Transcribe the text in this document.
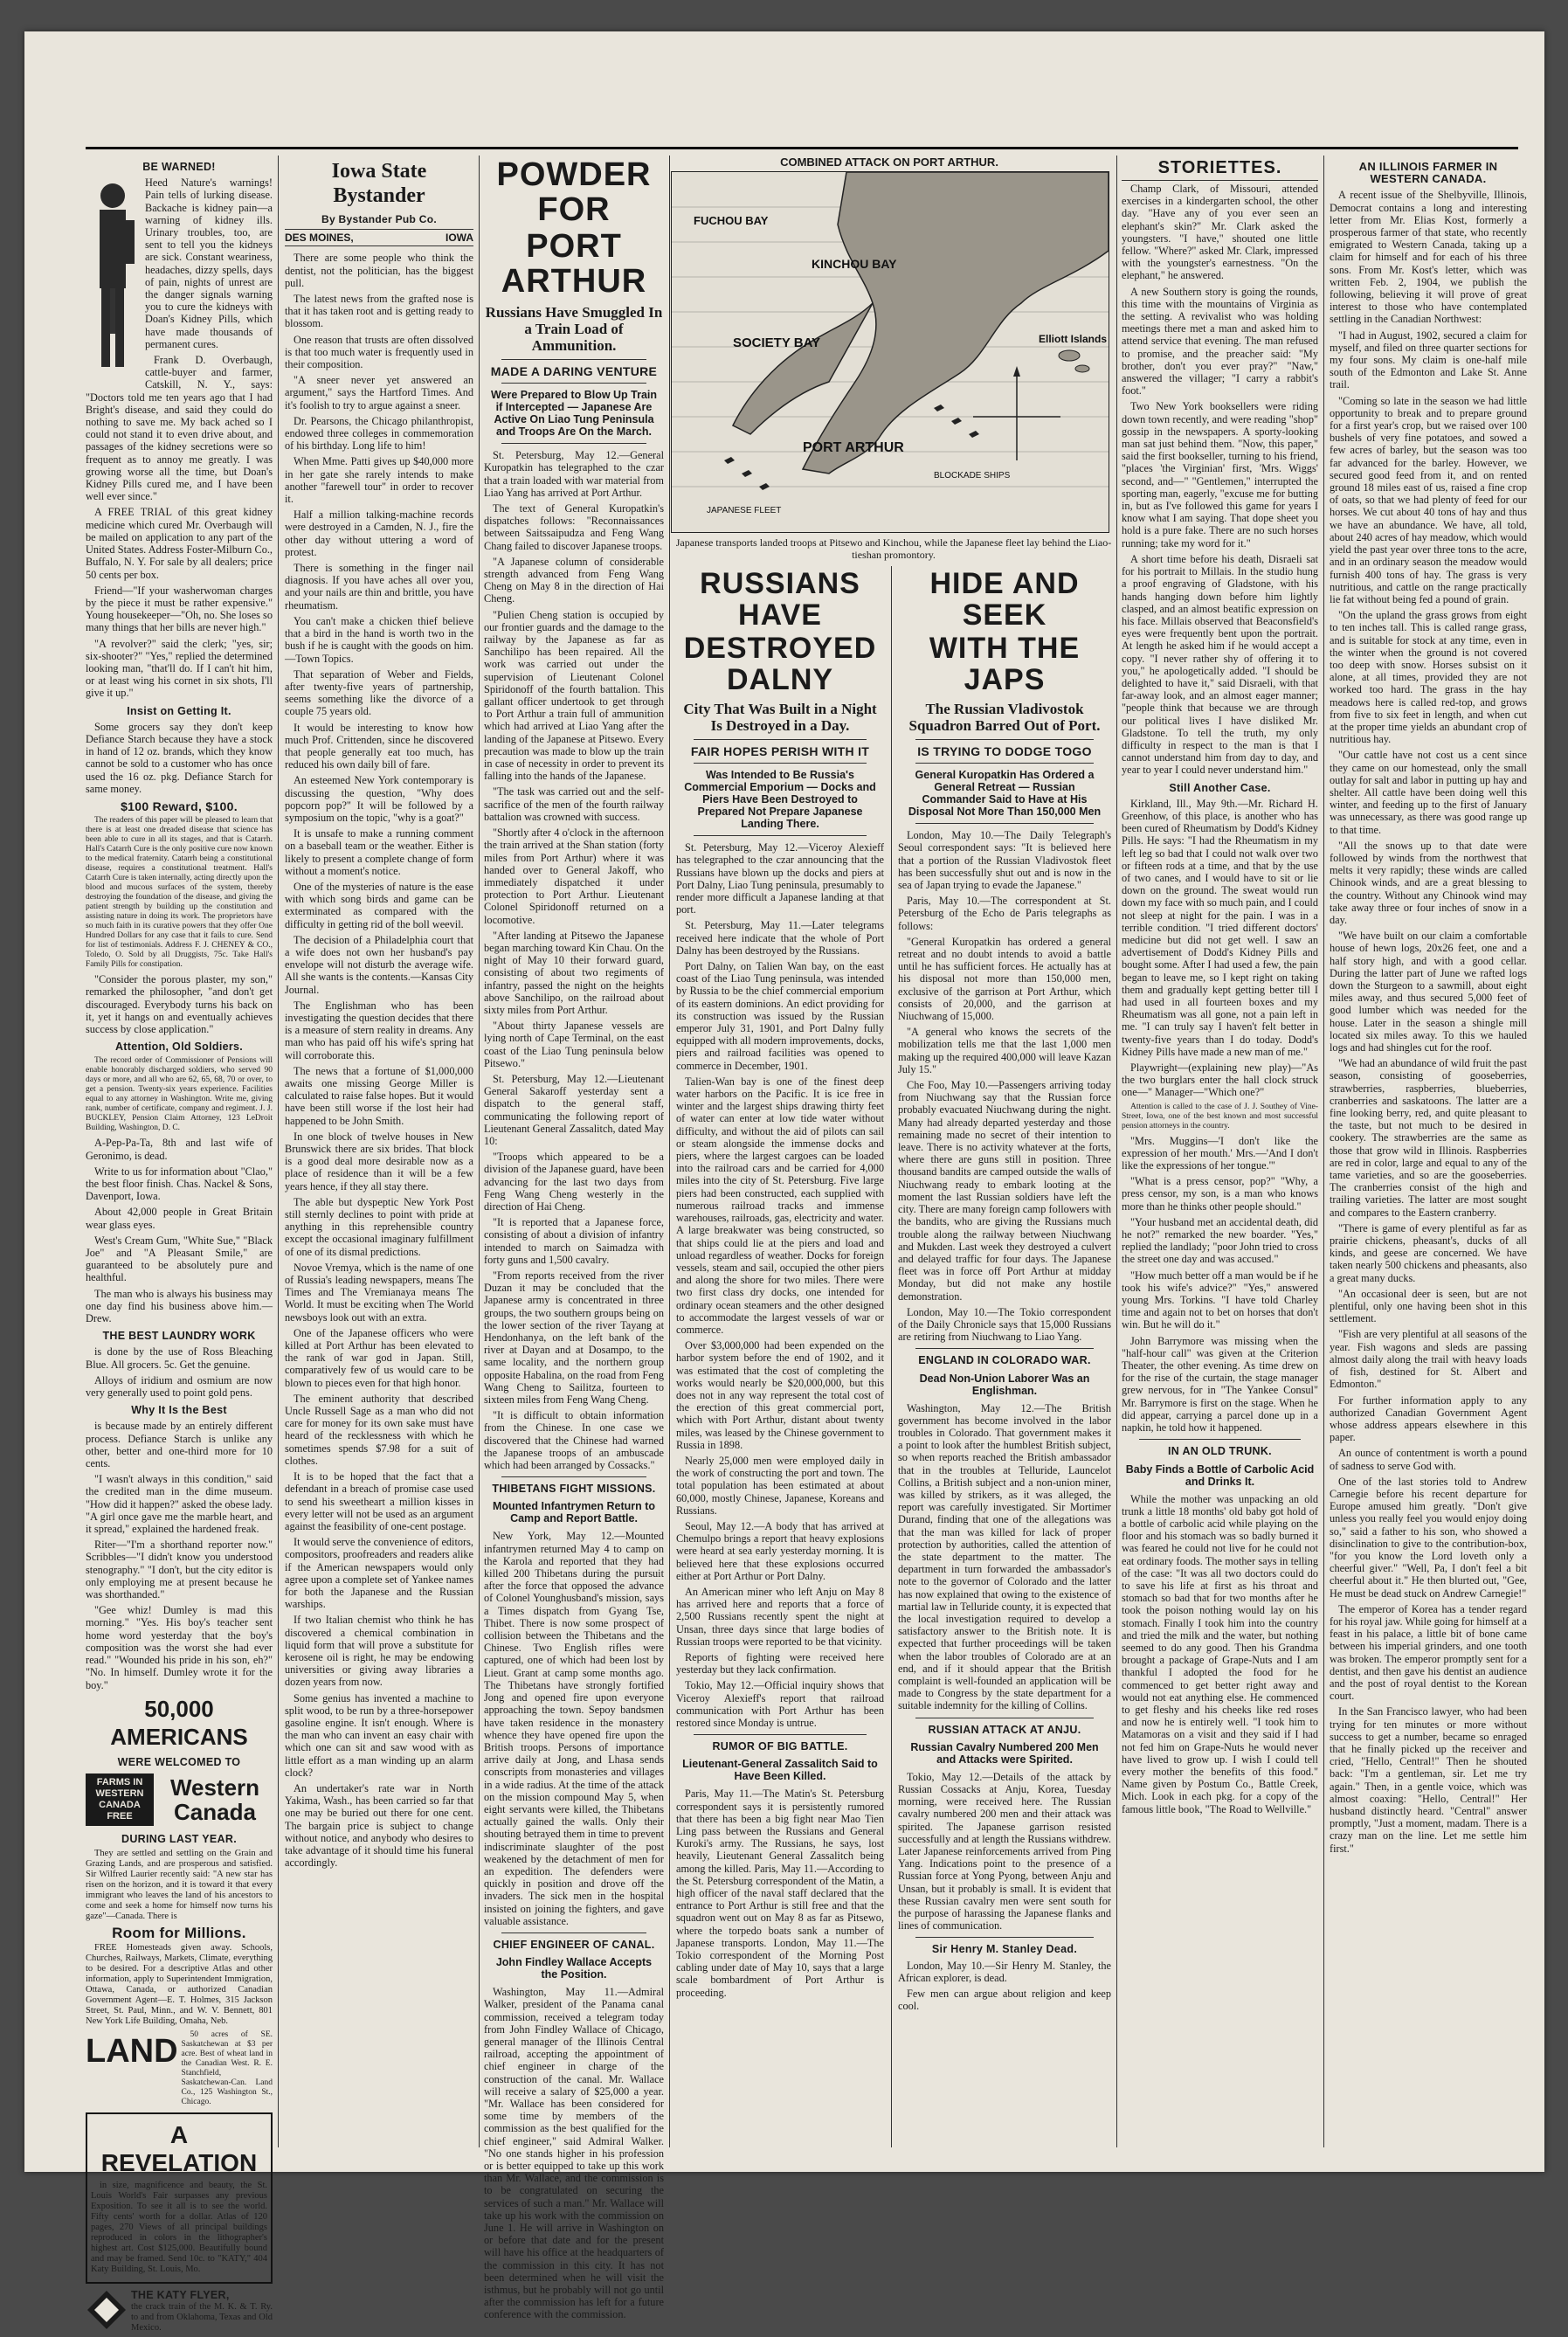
BE WARNED!

Heed Nature's warnings! Pain tells of lurking disease. Backache is kidney pain—a warning of kidney ills. Urinary troubles, too, are sent to tell you the kidneys are sick. Constant weariness, headaches, dizzy spells, days of pain, nights of unrest are the danger signals warning you to cure the kidneys with Doan's Kidney Pills, which have made thousands of permanent cures.

Frank D. Overbaugh, cattle-buyer and farmer, Catskill, N. Y., says: "Doctors told me ten years ago that I had Bright's disease, and said they could do nothing to save me. My back ached so I could not stand it to even drive about, and passages of the kidney secretions were so frequent as to annoy me greatly. I was growing worse all the time, but Doan's Kidney Pills cured me, and I have been well ever since."

A FREE TRIAL of this great kidney medicine which cured Mr. Overbaugh will be mailed on application to any part of the United States. Address Foster-Milburn Co., Buffalo, N. Y. For sale by all dealers; price 50 cents per box.

Friend—"If your washerwoman charges by the piece it must be rather expensive." Young housekeeper—"Oh, no. She loses so many things that her bills are never high."

"A revolver?" said the clerk; "yes, sir; six-shooter?" "Yes," replied the determined looking man, "that'll do. If I can't hit him, or at least wing his cornet in six shots, I'll give it up."

Insist on Getting It.

Some grocers say they don't keep Defiance Starch because they have a stock in hand of 12 oz. brands, which they know cannot be sold to a customer who has once used the 16 oz. pkg. Defiance Starch for same money.

$100 Reward, $100.

The readers of this paper will be pleased to learn that there is at least one dreaded disease that science has been able to cure in all its stages, and that is Catarrh. Hall's Catarrh Cure is the only positive cure now known to the medical fraternity. Catarrh being a constitutional disease, requires a constitutional treatment. Hall's Catarrh Cure is taken internally, acting directly upon the blood and mucous surfaces of the system, thereby destroying the foundation of the disease, and giving the patient strength by building up the constitution and assisting nature in doing its work. The proprietors have so much faith in its curative powers that they offer One Hundred Dollars for any case that it fails to cure. Send for list of testimonials. Address F. J. CHENEY & CO., Toledo, O. Sold by all Druggists, 75c. Take Hall's Family Pills for constipation.

"Consider the porous plaster, my son," remarked the philosopher, "and don't get discouraged. Everybody turns his back on it, yet it hangs on and eventually achieves success by close application."

Attention, Old Soldiers.

The record order of Commissioner of Pensions will enable honorably discharged soldiers, who served 90 days or more, and all who are 62, 65, 68, 70 or over, to get a pension. Twenty-six years experience. Facilities equal to any attorney in Washington. Write me, giving rank, number of certificate, company and regiment. J. J. BUCKLEY, Pension Claim Attorney, 123 LeDroit Building, Washington, D. C.

A-Pep-Pa-Ta, 8th and last wife of Geronimo, is dead.

Write to us for information about "Clao," the best floor finish. Chas. Nackel & Sons, Davenport, Iowa.

About 42,000 people in Great Britain wear glass eyes.

West's Cream Gum, "White Sue," "Black Joe" and "A Pleasant Smile," are guaranteed to be absolutely pure and healthful.

The man who is always his business may one day find his business above him.—Drew.

THE BEST LAUNDRY WORK

is done by the use of Ross Bleaching Blue. All grocers. 5c. Get the genuine.

Alloys of iridium and osmium are now very generally used to point gold pens.

Why It Is the Best

is because made by an entirely different process. Defiance Starch is unlike any other, better and one-third more for 10 cents.

"I wasn't always in this condition," said the credited man in the dime museum. "How did it happen?" asked the obese lady. "A girl once gave me the marble heart, and it spread," explained the hardened freak.

Riter—"I'm a shorthand reporter now." Scribbles—"I didn't know you understood stenography." "I don't, but the city editor is only employing me at present because he was shorthanded."

"Gee whiz! Dumley is mad this morning." "Yes. His boy's teacher sent home word yesterday that the boy's composition was the worst she had ever read." "Wounded his pride in his son, eh?" "No. In himself. Dumley wrote it for the boy."

50,000 AMERICANS
WERE WELCOMED TO
FARMS IN WESTERN CANADA FREE
Western Canada
DURING LAST YEAR.

They are settled and settling on the Grain and Grazing Lands, and are prosperous and satisfied. Sir Wilfred Laurier recently said: "A new star has risen on the horizon, and it is toward it that every immigrant who leaves the land of his ancestors to come and seek a home for himself now turns his gaze"—Canada. There is

Room for Millions.

FREE Homesteads given away. Schools, Churches, Railways, Markets, Climate, everything to be desired. For a descriptive Atlas and other information, apply to Superintendent Immigration, Ottawa, Canada, or authorized Canadian Government Agent—E. T. Holmes, 315 Jackson Street, St. Paul, Minn., and W. V. Bennett, 801 New York Life Building, Omaha, Neb.

LAND	50 acres of SE. Saskatchewan at $3 per acre. Best of wheat land in the Canadian West. R. E. Stanchfield, Saskatchewan-Can. Land Co., 125 Washington St., Chicago.

A REVELATION

in size, magnificence and beauty, the St. Louis World's Fair surpasses any previous Exposition. To see it all is to see the world. Fifty cents' worth for a dollar. Atlas of 120 pages, 270 Views of all principal buildings reproduced in colors in the lithographer's highest art. Cost $125,000. Beautifully bound and may be framed. Send 10c. to "KATY," 404 Katy Building, St. Louis, Mo.

THE KATY FLYER,

the crack train of the M. K. & T. Ry. to and from Oklahoma, Texas and Old Mexico.

Iowa State Bystander
By Bystander Pub Co.
DES MOINES,	IOWA

There are some people who think the dentist, not the politician, has the biggest pull.

The latest news from the grafted nose is that it has taken root and is getting ready to blossom.

One reason that trusts are often dissolved is that too much water is frequently used in their composition.

"A sneer never yet answered an argument," says the Hartford Times. And it's foolish to try to argue against a sneer.

Dr. Pearsons, the Chicago philanthropist, endowed three colleges in commemoration of his birthday. Long life to him!

When Mme. Patti gives up $40,000 more in her gate she rarely intends to make another "farewell tour" in order to recover it.

Half a million talking-machine records were destroyed in a Camden, N. J., fire the other day without uttering a word of protest.

There is something in the finger nail diagnosis. If you have aches all over you, and your nails are thin and brittle, you have rheumatism.

You can't make a chicken thief believe that a bird in the hand is worth two in the bush if he is caught with the goods on him.—Town Topics.

That separation of Weber and Fields, after twenty-five years of partnership, seems something like the divorce of a couple 75 years old.

It would be interesting to know how much Prof. Crittenden, since he discovered that people generally eat too much, has reduced his own daily bill of fare.

An esteemed New York contemporary is discussing the question, "Why does popcorn pop?" It will be followed by a symposium on the topic, "why is a goat?"

It is unsafe to make a running comment on a baseball team or the weather. Either is likely to present a complete change of form without a moment's notice.

One of the mysteries of nature is the ease with which song birds and game can be exterminated as compared with the difficulty in getting rid of the boll weevil.

The decision of a Philadelphia court that a wife does not own her husband's pay envelope will not disturb the average wife. All she wants is the contents.—Kansas City Journal.

The Englishman who has been investigating the question decides that there is a measure of stern reality in dreams. Any man who has paid off his wife's spring hat will corroborate this.

The news that a fortune of $1,000,000 awaits one missing George Miller is calculated to raise false hopes. But it would have been still worse if the lost heir had happened to be John Smith.

In one block of twelve houses in New Brunswick there are six brides. That block is a good deal more desirable now as a place of residence than it will be a few years hence, if they all stay there.

The able but dyspeptic New York Post still sternly declines to point with pride at anything in this reprehensible country except the occasional imaginary fulfillment of one of its dismal predictions.

Novoe Vremya, which is the name of one of Russia's leading newspapers, means The Times and The Vremianaya means The World. It must be exciting when The World newsboys look out with an extra.

One of the Japanese officers who were killed at Port Arthur has been elevated to the rank of war god in Japan. Still, comparatively few of us would care to be blown to pieces even for that high honor.

The eminent authority that described Uncle Russell Sage as a man who did not care for money for its own sake must have heard of the recklessness with which he sometimes spends $7.98 for a suit of clothes.

It is to be hoped that the fact that a defendant in a breach of promise case used to send his sweetheart a million kisses in every letter will not be used as an argument against the feasibility of one-cent postage.

It would serve the convenience of editors, compositors, proofreaders and readers alike if the American newspapers would only agree upon a complete set of Yankee names for both the Japanese and the Russian warships.

If two Italian chemist who think he has discovered a chemical combination in liquid form that will prove a substitute for kerosene oil is right, he may be endowing universities or giving away libraries a dozen years from now.

Some genius has invented a machine to split wood, to be run by a three-horsepower gasoline engine. It isn't enough. Where is the man who can invent an easy chair with which one can sit and saw wood with as little effort as a man winding up an alarm clock?

An undertaker's rate war in North Yakima, Wash., has been carried so far that one may be buried out there for one cent. The bargain price is subject to change without notice, and anybody who desires to take advantage of it should time his funeral accordingly.

POWDER FOR
PORT ARTHUR
Russians Have Smuggled In a Train Load of Ammunition.
MADE A DARING VENTURE
Were Prepared to Blow Up Train if Intercepted — Japanese Are Active On Liao Tung Peninsula and Troops Are On the March.

St. Petersburg, May 12.—General Kuropatkin has telegraphed to the czar that a train loaded with war material from Liao Yang has arrived at Port Arthur.

The text of General Kuropatkin's dispatches follows: "Reconnaissances between Saitssaipudza and Feng Wang Chang failed to discover Japanese troops.

"A Japanese column of considerable strength advanced from Feng Wang Cheng on May 8 in the direction of Hai Cheng.

"Pulien Cheng station is occupied by our frontier guards and the damage to the railway by the Japanese as far as Sanchilipo has been repaired. All the work was carried out under the supervision of Lieutenant Colonel Spiridonoff of the fourth battalion. This gallant officer undertook to get through to Port Arthur a train full of ammunition which had arrived at Liao Yang after the landing of the Japanese at Pitsewo. Every precaution was made to blow up the train in case of necessity in order to prevent its falling into the hands of the Japanese.

"The task was carried out and the self-sacrifice of the men of the fourth railway battalion was crowned with success.

"Shortly after 4 o'clock in the afternoon the train arrived at the Shan station (forty miles from Port Arthur) where it was handed over to General Jakoff, who immediately dispatched it under protection to Port Arthur. Lieutenant Colonel Spiridonoff returned on a locomotive.

"After landing at Pitsewo the Japanese began marching toward Kin Chau. On the night of May 10 their forward guard, consisting of about two regiments of infantry, passed the night on the heights above Sanchilipo, on the railroad about sixty miles from Port Arthur.

"About thirty Japanese vessels are lying north of Cape Terminal, on the east coast of the Liao Tung peninsula below Pitsewo."

St. Petersburg, May 12.—Lieutenant General Sakaroff yesterday sent a dispatch to the general staff, communicating the following report of Lieutenant General Zassalitch, dated May 10:

"Troops which appeared to be a division of the Japanese guard, have been advancing for the last two days from Feng Wang Cheng westerly in the direction of Hai Cheng.

"It is reported that a Japanese force, consisting of about a division of infantry intended to march on Saimadza with forty guns and 1,500 cavalry.

"From reports received from the river Duzan it may be concluded that the Japanese army is concentrated in three groups, the two southern groups being on the lower section of the river Tayang at Hendonhanya, on the left bank of the river at Dayan and at Dosampo, to the same locality, and the northern group opposite Habalina, on the road from Feng Wang Cheng to Sailitza, fourteen to sixteen miles from Feng Wang Cheng.

"It is difficult to obtain information from the Chinese. In one case we discovered that the Chinese had warned the Japanese troops of an ambuscade which had been arranged by Cossacks."

THIBETANS FIGHT MISSIONS.
Mounted Infantrymen Return to Camp and Report Battle.

New York, May 12.—Mounted infantrymen returned May 4 to camp on the Karola and reported that they had killed 200 Thibetans during the pursuit after the force that opposed the advance of Colonel Younghusband's mission, says a Times dispatch from Gyang Tse, Thibet. There is now some prospect of collision between the Thibetans and the Chinese. Two English rifles were captured, one of which had been lost by Lieut. Grant at camp some months ago. The Thibetans have strongly fortified Jong and opened fire upon everyone approaching the town. Sepoy bandsmen have taken residence in the monastery whence they have opened fire upon the British troops. Persons of importance arrive daily at Jong, and Lhasa sends conscripts from monasteries and villages in a wide radius. At the time of the attack on the mission compound May 5, when eight servants were killed, the Thibetans actually gained the walls. Only their shouting betrayed them in time to prevent indiscriminate slaughter of the post weakened by the detachment of men for an expedition. The defenders were quickly in position and drove off the invaders. The sick men in the hospital insisted on joining the fighters, and gave valuable assistance.

CHIEF ENGINEER OF CANAL.
John Findley Wallace Accepts the Position.

Washington, May 11.—Admiral Walker, president of the Panama canal commission, received a telegram today from John Findley Wallace of Chicago, general manager of the Illinois Central railroad, accepting the appointment of chief engineer in charge of the construction of the canal. Mr. Wallace will receive a salary of $25,000 a year. "Mr. Wallace has been considered for some time by members of the commission as the best qualified for the chief engineer," said Admiral Walker. "No one stands higher in his profession or is better equipped to take up this work than Mr. Wallace, and the commission is to be congratulated on securing the services of such a man." Mr. Wallace will take up his work with the commission on June 1. He will arrive in Washington on or before that date and for the present will have his office at the headquarters of the commission in this city. It has not been determined when he will visit the isthmus, but he probably will not go until after the commission has left for a future conference with the commission.

COMBINED ATTACK ON PORT ARTHUR.
FUCHOU BAY
SOCIETY BAY
KINCHOU BAY
Elliott Islands
PORT ARTHUR
JAPANESE FLEET
BLOCKADE SHIPS
Japanese transports landed troops at Pitsewo and Kinchou, while the Japanese fleet lay behind the Liao-tieshan promontory.
RUSSIANS HAVE
DESTROYED DALNY
City That Was Built in a Night Is Destroyed in a Day.
FAIR HOPES PERISH WITH IT
Was Intended to Be Russia's Commercial Emporium — Docks and Piers Have Been Destroyed to Prepared Not Prepare Japanese Landing There.

St. Petersburg, May 12.—Viceroy Alexieff has telegraphed to the czar announcing that the Russians have blown up the docks and piers at Port Dalny, Liao Tung peninsula, presumably to render more difficult a Japanese landing at that port.

St. Petersburg, May 11.—Later telegrams received here indicate that the whole of Port Dalny has been destroyed by the Russians.

Port Dalny, on Talien Wan bay, on the east coast of the Liao Tung peninsula, was intended by Russia to be the chief commercial emporium of its eastern dominions. An edict providing for its construction was issued by the Russian emperor July 31, 1901, and Port Dalny fully equipped with all modern improvements, docks, piers and railroad facilities was opened to commerce in December, 1901.

Talien-Wan bay is one of the finest deep water harbors on the Pacific. It is ice free in winter and the largest ships drawing thirty feet of water can enter at low tide water without difficulty, and without the aid of pilots can sail or steam alongside the immense docks and piers, where the largest cargoes can be loaded into the railroad cars and be carried for 4,000 miles into the city of St. Petersburg. Five large piers had been constructed, each supplied with numerous railroad tracks and immense warehouses, railroads, gas, electricity and water. A large breakwater was being constructed, so that ships could lie at the piers and load and unload regardless of weather. Docks for foreign vessels, steam and sail, occupied the other piers and along the shore for two miles. There were two first class dry docks, one intended for ordinary ocean steamers and the other designed to accommodate the largest vessels of war or commerce.

Over $3,000,000 had been expended on the harbor system before the end of 1902, and it was estimated that the cost of completing the works would nearly be $20,000,000, but this does not in any way represent the total cost of the erection of this great commercial port, which with Port Arthur, distant about twenty miles, was leased by the Chinese government to Russia in 1898.

Nearly 25,000 men were employed daily in the work of constructing the port and town. The total population has been estimated at about 60,000, mostly Chinese, Japanese, Koreans and Russians.

Seoul, May 12.—A body that has arrived at Chemulpo brings a report that heavy explosions were heard at sea early yesterday morning. It is believed here that these explosions occurred either at Port Arthur or Port Dalny.

An American miner who left Anju on May 8 has arrived here and reports that a force of 2,500 Russians recently spent the night at Unsan, three days since that large bodies of Russian troops were reported to be that vicinity.

Reports of fighting were received here yesterday but they lack confirmation.

Tokio, May 12.—Official inquiry shows that Viceroy Alexieff's report that railroad communication with Port Arthur has been restored since Monday is untrue.

RUMOR OF BIG BATTLE.
Lieutenant-General Zassalitch Said to Have Been Killed.

Paris, May 11.—The Matin's St. Petersburg correspondent says it is persistently rumored that there has been a big fight near Mao Tien Ling pass between the Russians and General Kuroki's army. The Russians, he says, lost heavily, Lieutenant General Zassalitch being among the killed. Paris, May 11.—According to the St. Petersburg correspondent of the Matin, a high officer of the naval staff declared that the entrance to Port Arthur is still free and that the squadron went out on May 8 as far as Pitsewo, where the torpedo boats sank a number of Japanese transports. London, May 11.—The Tokio correspondent of the Morning Post cabling under date of May 10, says that a large scale bombardment of Port Arthur is proceeding.

HIDE AND SEEK
WITH THE JAPS
The Russian Vladivostok Squadron Barred Out of Port.
IS TRYING TO DODGE TOGO
General Kuropatkin Has Ordered a General Retreat — Russian Commander Said to Have at His Disposal Not More Than 150,000 Men

London, May 10.—The Daily Telegraph's Seoul correspondent says: "It is believed here that a portion of the Russian Vladivostok fleet has been successfully shut out and is now in the sea of Japan trying to evade the Japanese."

Paris, May 10.—The correspondent at St. Petersburg of the Echo de Paris telegraphs as follows:

"General Kuropatkin has ordered a general retreat and no doubt intends to avoid a battle until he has sufficient forces. He actually has at his disposal not more than 150,000 men, exclusive of the garrison at Port Arthur, which consists of 20,000, and the garrison at Niuchwang of 15,000.

"A general who knows the secrets of the mobilization tells me that the last 1,000 men making up the required 400,000 will leave Kazan July 15."

Che Foo, May 10.—Passengers arriving today from Niuchwang say that the Russian force probably evacuated Niuchwang during the night. Many had already departed yesterday and those remaining made no secret of their intention to leave. There is no activity whatever at the forts, where there are guns still in position. Three thousand bandits are camped outside the walls of Niuchwang ready to embark looting at the moment the last Russian soldiers have left the city. There are many foreign camp followers with the bandits, who are giving the Russians much trouble along the railway between Niuchwang and Mukden. Last week they destroyed a culvert and delayed traffic for four days. The Japanese fleet was in force off Port Arthur at midday Monday, but did not make any hostile demonstration.

London, May 10.—The Tokio correspondent of the Daily Chronicle says that 15,000 Russians are retiring from Niuchwang to Liao Yang.

ENGLAND IN COLORADO WAR.
Dead Non-Union Laborer Was an Englishman.

Washington, May 12.—The British government has become involved in the labor troubles in Colorado. That government makes it a point to look after the humblest British subject, so when reports reached the British ambassador that in the troubles at Telluride, Launcelot Collins, a British subject and a non-union miner, was killed by strikers, as it was alleged, the report was carefully investigated. Sir Mortimer Durand, finding that one of the allegations was that the man was killed for lack of proper protection by authorities, called the attention of the state department to the matter. The department in turn forwarded the ambassador's note to the governor of Colorado and the latter has now explained that owing to the existence of martial law in Telluride county, it is expected that the local investigation required to develop a satisfactory answer to the British note. It is expected that further proceedings will be taken when the labor troubles of Colorado are at an end, and if it should appear that the British complaint is well-founded an application will be made to Congress by the state department for a suitable indemnity for the killing of Collins.

RUSSIAN ATTACK AT ANJU.
Russian Cavalry Numbered 200 Men and Attacks were Spirited.

Tokio, May 12.—Details of the attack by Russian Cossacks at Anju, Korea, Tuesday morning, were received here. The Russian cavalry numbered 200 men and their attack was spirited. The Japanese garrison resisted successfully and at length the Russians withdrew. Later Japanese reinforcements arrived from Ping Yang. Indications point to the presence of a Russian force at Yong Pyong, between Anju and Unsan, but it probably is small. It is evident that these Russian cavalry men were sent south for the purpose of harassing the Japanese flanks and lines of communication.

Sir Henry M. Stanley Dead.

London, May 10.—Sir Henry M. Stanley, the African explorer, is dead.

Few men can argue about religion and keep cool.

STORIETTES.

Champ Clark, of Missouri, attended exercises in a kindergarten school, the other day. "Have any of you ever seen an elephant's skin?" Mr. Clark asked the youngsters. "I have," shouted one little fellow. "Where?" asked Mr. Clark, impressed with the youngster's earnestness. "On the elephant," he answered.

A new Southern story is going the rounds, this time with the mountains of Virginia as the setting. A revivalist who was holding meetings there met a man and asked him to attend service that evening. The man refused to promise, and the preacher said: "My brother, don't you ever pray?" "Naw," answered the villager; "I carry a rabbit's foot."

Two New York booksellers were riding down town recently, and were reading "shop" gossip in the newspapers. A sporty-looking man sat just behind them. "Now, this paper," said the first bookseller, turning to his friend, "places 'the Virginian' first, 'Mrs. Wiggs' second, and—" "Gentlemen," interrupted the sporting man, eagerly, "excuse me for butting in, but as I've followed this game for years I know what I am saying. That dope sheet you hold is a pure fake. There are no such horses running; take my word for it."

A short time before his death, Disraeli sat for his portrait to Millais. In the studio hung a proof engraving of Gladstone, with his hands hanging down before him lightly clasped, and an almost beatific expression on his face. Millais observed that Beaconsfield's eyes were frequently bent upon the portrait. At length he asked him if he would accept a copy. "I never rather shy of offering it to you," he apologetically added. "I should be delighted to have it," said Disraeli, with that far-away look, and an almost eager manner; "people think that because we are through our political lives I have disliked Mr. Gladstone. To tell the truth, my only difficulty in respect to the man is that I cannot understand him from day to day, and year to year I could never understand him."

Still Another Case.

Kirkland, Ill., May 9th.—Mr. Richard H. Greenhow, of this place, is another who has been cured of Rheumatism by Dodd's Kidney Pills. He says: "I had the Rheumatism in my left leg so bad that I could not walk over two or fifteen rods at a time, and that by the use of two canes, and I would have to sit or lie down on the ground. The sweat would run down my face with so much pain, and I could not sleep at night for the pain. I was in a terrible condition. "I tried different doctors' medicine but did not get well. I saw an advertisement of Dodd's Kidney Pills and bought some. After I had used a few, the pain began to leave me, so I kept right on taking them and gradually kept getting better till I had used in all fourteen boxes and my Rheumatism was all gone, not a pain left in me. "I can truly say I haven't felt better in twenty-five years than I do today. Dodd's Kidney Pills have made a new man of me."

Playwright—(explaining new play)—"As the two burglars enter the hall clock struck one—" Manager—"Which one?"

Attention is called to the case of J. J. Southey of Vine-Street, Iowa, one of the best known and most successful pension attorneys in the country.

"Mrs. Muggins—'I don't like the expression of her mouth.' Mrs.—'And I don't like the expressions of her tongue.'"

"What is a press censor, pop?" "Why, a press censor, my son, is a man who knows more than he thinks other people should."

"Your husband met an accidental death, did he not?" remarked the new boarder. "Yes," replied the landlady; "poor John tried to cross the street one day and was accused."

"How much better off a man would be if he took his wife's advice?" "Yes," answered young Mrs. Torkins. "I have told Charley time and again not to bet on horses that don't win. But he will do it."

John Barrymore was missing when the "half-hour call" was given at the Criterion Theater, the other evening. As time drew on for the rise of the curtain, the stage manager grew nervous, for in "The Yankee Consul" Mr. Barrymore is first on the stage. When he did appear, carrying a parcel done up in a napkin, he told how it happened.

IN AN OLD TRUNK.
Baby Finds a Bottle of Carbolic Acid and Drinks It.

While the mother was unpacking an old trunk a little 18 months' old baby got hold of a bottle of carbolic acid while playing on the floor and his stomach was so badly burned it was feared he could not live for he could not eat ordinary foods. The mother says in telling of the case: "It was all two doctors could do to save his life at first as his throat and stomach so bad that for two months after he took the poison nothing would lay on his stomach. Finally I took him into the country and tried the milk and the water, but nothing seemed to do any good. Then his Grandma brought a package of Grape-Nuts and I am thankful I adopted the food for he commenced to get better right away and would not eat anything else. He commenced to get fleshy and his cheeks like red roses and now he is entirely well. "I took him to Matamoras on a visit and they said if I had not fed him on Grape-Nuts he would never have lived to grow up. I wish I could tell every mother the benefits of this food." Name given by Postum Co., Battle Creek, Mich. Look in each pkg. for a copy of the famous little book, "The Road to Wellville."

AN ILLINOIS FARMER IN WESTERN CANADA.

A recent issue of the Shelbyville, Illinois, Democrat contains a long and interesting letter from Mr. Elias Kost, formerly a prosperous farmer of that state, who recently emigrated to Western Canada, taking up a claim for himself and for each of his three sons. From Mr. Kost's letter, which was written Feb. 2, 1904, we publish the following, believing it will prove of great interest to those who have contemplated settling in the Canadian Northwest:

"I had in August, 1902, secured a claim for myself, and filed on three quarter sections for my four sons. My claim is one-half mile south of the Edmonton and Lake St. Anne trail.

"Coming so late in the season we had little opportunity to break and to prepare ground for a first year's crop, but we raised over 100 bushels of very fine potatoes, and sowed a few acres of barley, but the season was too far advanced for the barley. However, we secured good feed from it, and on rented ground 18 miles east of us, raised a fine crop of oats, so that we had plenty of feed for our horses. We cut about 40 tons of hay and thus we have an abundance. We have, all told, about 240 acres of hay meadow, which would yield the past year over three tons to the acre, and in an ordinary season the meadow would furnish 400 tons of hay. The grass is very nutritious, and cattle on the range practically lie fat without being fed a pound of grain.

"On the upland the grass grows from eight to ten inches tall. This is called range grass, and is suitable for stock at any time, even in the winter when the ground is not covered too deep with snow. Horses subsist on it alone, at all times, provided they are not worked too hard. The grass in the hay meadows here is called red-top, and grows from five to six feet in length, and when cut at the proper time yields an abundant crop of nutritious hay.

"Our cattle have not cost us a cent since they came on our homestead, only the small outlay for salt and labor in putting up hay and shelter. All cattle have been doing well this winter, and feeding up to the first of January was unnecessary, as there was good range up to that time.

"All the snows up to that date were followed by winds from the northwest that melts it very rapidly; these winds are called Chinook winds, and are a great blessing to the country. Without any Chinook wind may take away three or four inches of snow in a day.

"We have built on our claim a comfortable house of hewn logs, 20x26 feet, one and a half story high, and with a good cellar. During the latter part of June we rafted logs down the Sturgeon to a sawmill, about eight miles away, and thus secured 5,000 feet of good lumber which was needed for the house. Later in the season a shingle mill located six miles away. To this we hauled logs and had shingles cut for the roof.

"We had an abundance of wild fruit the past season, consisting of gooseberries, strawberries, raspberries, blueberries, cranberries and saskatoons. The latter are a fine looking berry, red, and quite pleasant to the taste, but not much to be desired in cookery. The strawberries are the same as those that grow wild in Illinois. Raspberries are red in color, large and equal to any of the tame varieties, and so are the gooseberries. The cranberries consist of the high and trailing varieties. The latter are most sought and compares to the Eastern cranberry.

"There is game of every plentiful as far as prairie chickens, pheasant's, ducks of all kinds, and geese are concerned. We have taken nearly 500 chickens and pheasants, also a great many ducks.

"An occasional deer is seen, but are not plentiful, only one having been shot in this settlement.

"Fish are very plentiful at all seasons of the year. Fish wagons and sleds are passing almost daily along the trail with heavy loads of fish, destined for St. Albert and Edmonton."

For further information apply to any authorized Canadian Government Agent whose address appears elsewhere in this paper.

An ounce of contentment is worth a pound of sadness to serve God with.

One of the last stories told to Andrew Carnegie before his recent departure for Europe amused him greatly. "Don't give unless you really feel you would enjoy doing so," said a father to his son, who showed a disinclination to give to the contribution-box, "for you know the Lord loveth only a cheerful giver." "Well, Pa, I don't feel a bit cheerful about it." He then blurted out, "Gee, He must be dead stuck on Andrew Carnegie!"

The emperor of Korea has a tender regard for his royal jaw. While going for himself at a feast in his palace, a little bit of bone came between his imperial grinders, and one tooth was broken. The emperor promptly sent for a dentist, and then gave his dentist an audience and the post of royal dentist to the Korean court.

In the San Francisco lawyer, who had been trying for ten minutes or more without success to get a number, became so enraged that he finally picked up the receiver and cried, "Hello, Central!" Then he shouted back: "I'm a gentleman, sir. Let me try again." Then, in a gentle voice, which was almost coaxing: "Hello, Central!" Her husband distinctly heard. "Central" answer promptly, "Just a moment, madam. There is a crazy man on the line. Let me settle him first."
